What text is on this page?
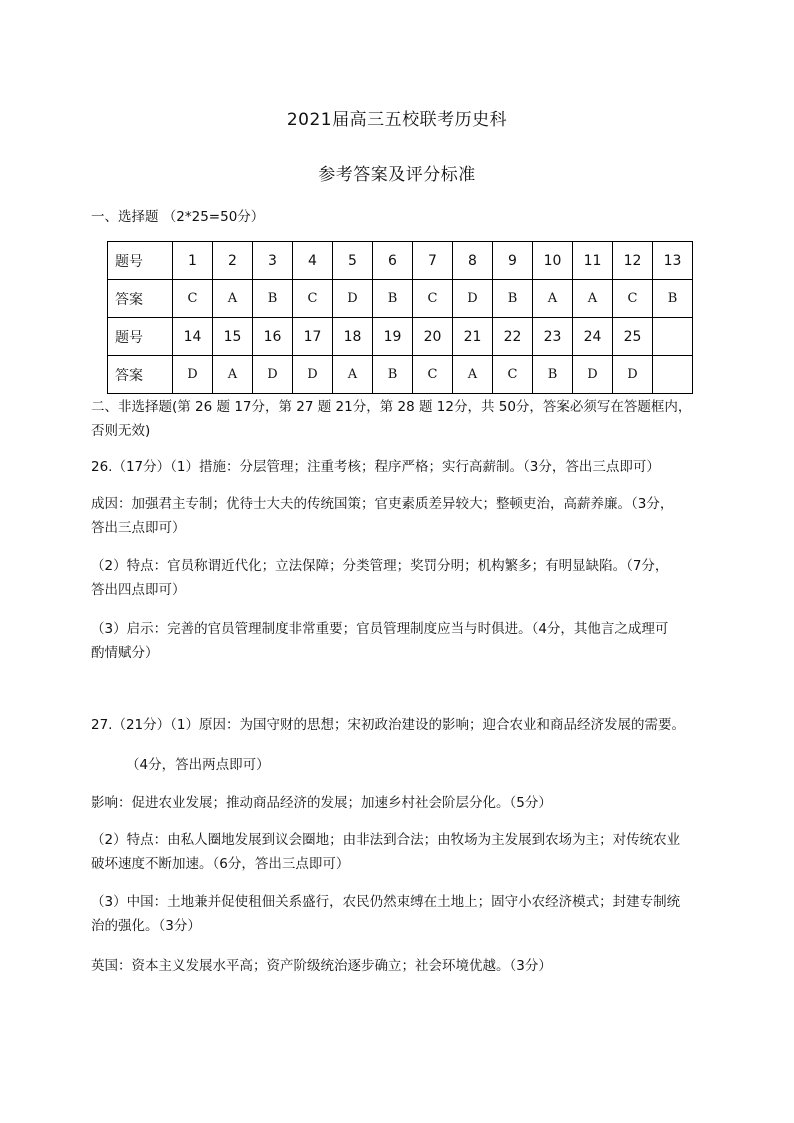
2021届高三五校联考历史科
参考答案及评分标准

一、选择题 （2*25=50分）

题号	1	2	3	4	5	6	7	8	9	10	11	12	13
答案	C	A	B	C	D	B	C	D	B	A	A	C	B
题号	14	15	16	17	18	19	20	21	22	23	24	25	
答案	D	A	D	D	A	B	C	A	C	B	D	D	

二、非选择题(第 26 题 17分，第 27 题 21分，第 28 题 12分，共 50分，答案必须写在答题框内，

否则无效)

26.（17分）（1）措施：分层管理；注重考核；程序严格；实行高薪制。（3分，答出三点即可）

成因：加强君主专制；优待士大夫的传统国策；官吏素质差异较大；整顿吏治，高薪养廉。（3分，

答出三点即可）

（2）特点：官员称谓近代化；立法保障；分类管理；奖罚分明；机构繁多；有明显缺陷。（7分，

答出四点即可）

（3）启示：完善的官员管理制度非常重要；官员管理制度应当与时俱进。（4分，其他言之成理可

酌情赋分）

27.（21分）（1）原因：为国守财的思想；宋初政治建设的影响；迎合农业和商品经济发展的需要。

（4分，答出两点即可）

影响：促进农业发展；推动商品经济的发展；加速乡村社会阶层分化。（5分）

（2）特点：由私人圈地发展到议会圈地；由非法到合法；由牧场为主发展到农场为主；对传统农业

破坏速度不断加速。（6分，答出三点即可）

（3）中国：土地兼并促使租佃关系盛行，农民仍然束缚在土地上；固守小农经济模式；封建专制统

治的强化。（3分）

英国：资本主义发展水平高；资产阶级统治逐步确立；社会环境优越。（3分）
